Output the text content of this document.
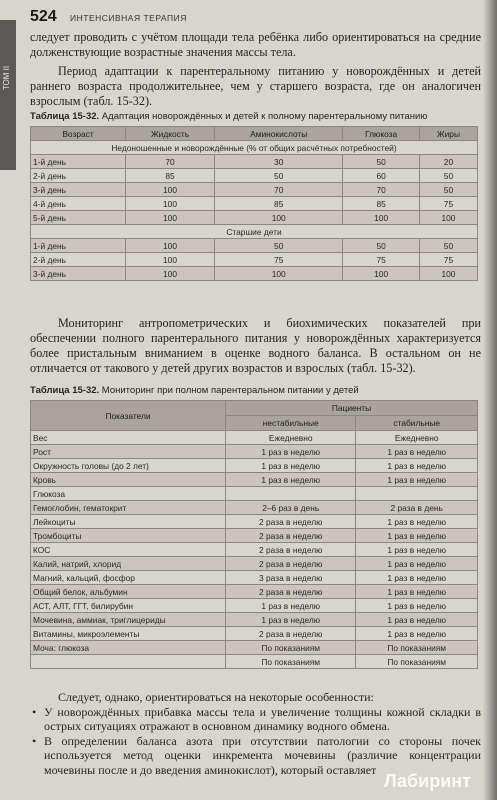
ТОМ II
524 ИНТЕНСИВНАЯ ТЕРАПИЯ
следует проводить с учётом площади тела ребёнка либо ориентироваться на средние долженствующие возрастные значения массы тела.
Период адаптации к парентеральному питанию у новорождённых и детей раннего возраста продолжительнее, чем у старшего возраста, где он аналогичен взрослым (табл. 15-32).
Таблица 15-32. Адаптация новорождённых и детей к полному парентеральному питанию
Возраст	Жидкость	Аминокислоты	Глюкоза	Жиры
Недоношенные и новорождённые (% от общих расчётных потребностей)				
1-й день	70	30	50	20
2-й день	85	50	60	50
3-й день	100	70	70	50
4-й день	100	85	85	75
5-й день	100	100	100	100
Старшие дети				
1-й день	100	50	50	50
2-й день	100	75	75	75
3-й день	100	100	100	100
Мониторинг антропометрических и биохимических показателей при обеспечении полного парентерального питания у новорождённых характеризуется более пристальным вниманием в оценке водного баланса. В остальном он не отличается от такового у детей других возрастов и взрослых (табл. 15-32).
Таблица 15-32. Мониторинг при полном парентеральном питании у детей
Показатели	Пациенты	
	нестабильные	стабильные
Вес	Ежедневно	Ежедневно
Рост	1 раз в неделю	1 раз в неделю
Окружность головы (до 2 лет)	1 раз в неделю	1 раз в неделю
Кровь	1 раз в неделю	1 раз в неделю
Глюкоза		
Гемоглобин, гематокрит	2–6 раз в день	2 раза в день
Лейкоциты	2 раза в неделю	1 раз в неделю
Тромбоциты	2 раза в неделю	1 раз в неделю
КОС	2 раза в неделю	1 раз в неделю
Калий, натрий, хлорид	2 раза в неделю	1 раз в неделю
Магний, кальций, фосфор	3 раза в неделю	1 раз в неделю
Общий белок, альбумин	2 раза в неделю	1 раз в неделю
АСТ, АЛТ, ГГТ, билирубин	1 раз в неделю	1 раз в неделю
Мочевина, аммиак, триглицериды	1 раз в неделю	1 раз в неделю
Витамины, микроэлементы	2 раза в неделю	1 раз в неделю
Моча: глюкоза	По показаниям	По показаниям
	По показаниям	По показаниям
Следует, однако, ориентироваться на некоторые особенности:
• У новорождённых прибавка массы тела и увеличение толщины кожной складки в острых ситуациях отражают в основном динамику водного обмена.
• В определении баланса азота при отсутствии патологии со стороны почек используется метод оценки инкремента мочевины (различие концентрации мочевины после и до введения аминокислот), который оставляет
Лабиринт
